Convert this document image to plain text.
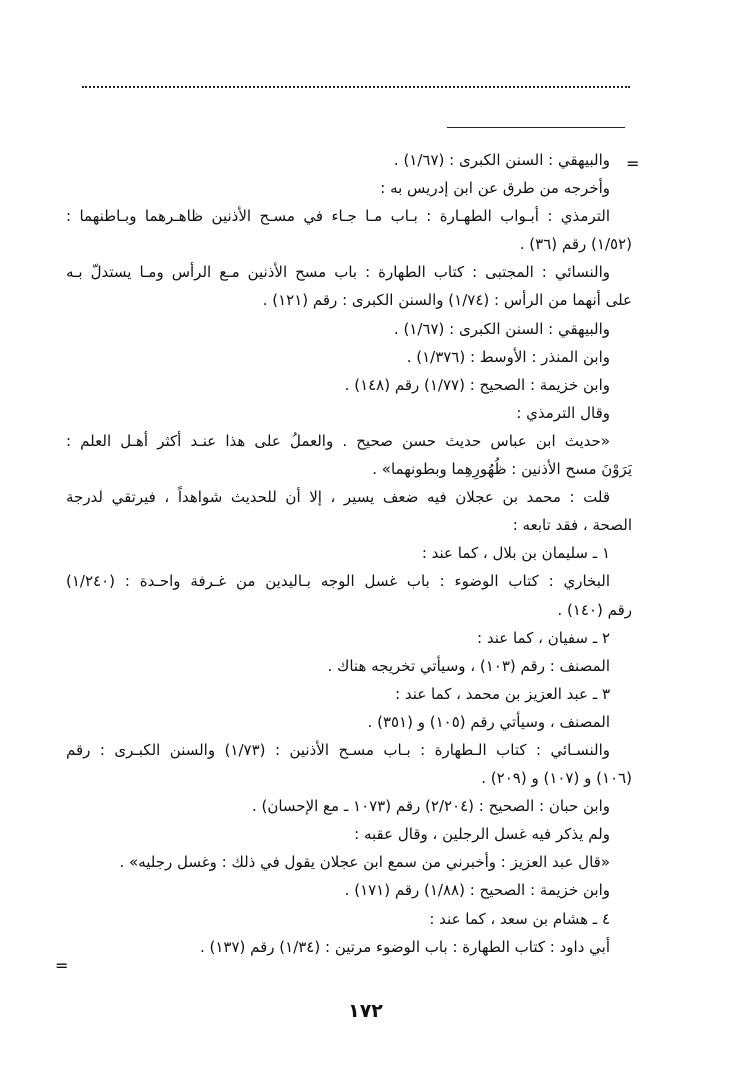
=
والبيهقي : السنن الكبرى : (١/٦٧) .
وأخرجه من طرق عن ابن إدريس به :
الترمذي : أبـواب الطهـارة : بـاب مـا جـاء في مسـح الأذنين ظاهـرهما وبـاطنهما :
(١/٥٢) رقم (٣٦) .
والنسائي : المجتبى : كتاب الطهارة : باب مسح الأذنين مـع الرأس ومـا يستدلّ بـه
على أنهما من الرأس : (١/٧٤) والسنن الكبرى : رقم (١٢١) .
والبيهقي : السنن الكبرى : (١/٦٧) .
وابن المنذر : الأوسط : (١/٣٧٦) .
وابن خزيمة : الصحيح : (١/٧٧) رقم (١٤٨) .
وقال الترمذي :
«حديث ابن عباس حديث حسن صحيح . والعملُ على هذا عنـد أكثر أهـل العلم :
يَرَوْنَ مسح الأذنين : ظُهُورِهِما وبطونهما» .
قلت : محمد بن عجلان فيه ضعف يسير ، إلا أن للحديث شواهداً ، فيرتقي لدرجة
الصحة ، فقد تابعه :
١ ـ سليمان بن بلال ، كما عند :
البخاري : كتاب الوضوء : باب غسل الوجه بـاليدين من غـرفة واحـدة : (١/٢٤٠)
رقم (١٤٠) .
٢ ـ سفيان ، كما عند :
المصنف : رقم (١٠٣) ، وسيأتي تخريجه هناك .
٣ ـ عبد العزيز بن محمد ، كما عند :
المصنف ، وسيأتي رقم (١٠٥) و (٣٥١) .
والنسـائي : كتاب الـطهارة : بـاب مسـح الأذنين : (١/٧٣) والسنن الكبـرى : رقم
(١٠٦) و (١٠٧) و (٢٠٩) .
وابن حبان : الصحيح : (٢/٢٠٤) رقم (١٠٧٣ ـ مع الإحسان) .
ولم يذكر فيه غسل الرجلين ، وقال عقبه :
«قال عبد العزيز : وأخبرني من سمع ابن عجلان يقول في ذلك : وغسل رجليه» .
وابن خزيمة : الصحيح : (١/٨٨) رقم (١٧١) .
٤ ـ هشام بن سعد ، كما عند :
أبي داود : كتاب الطهارة : باب الوضوء مرتين : (١/٣٤) رقم (١٣٧) .
=
١٧٢
